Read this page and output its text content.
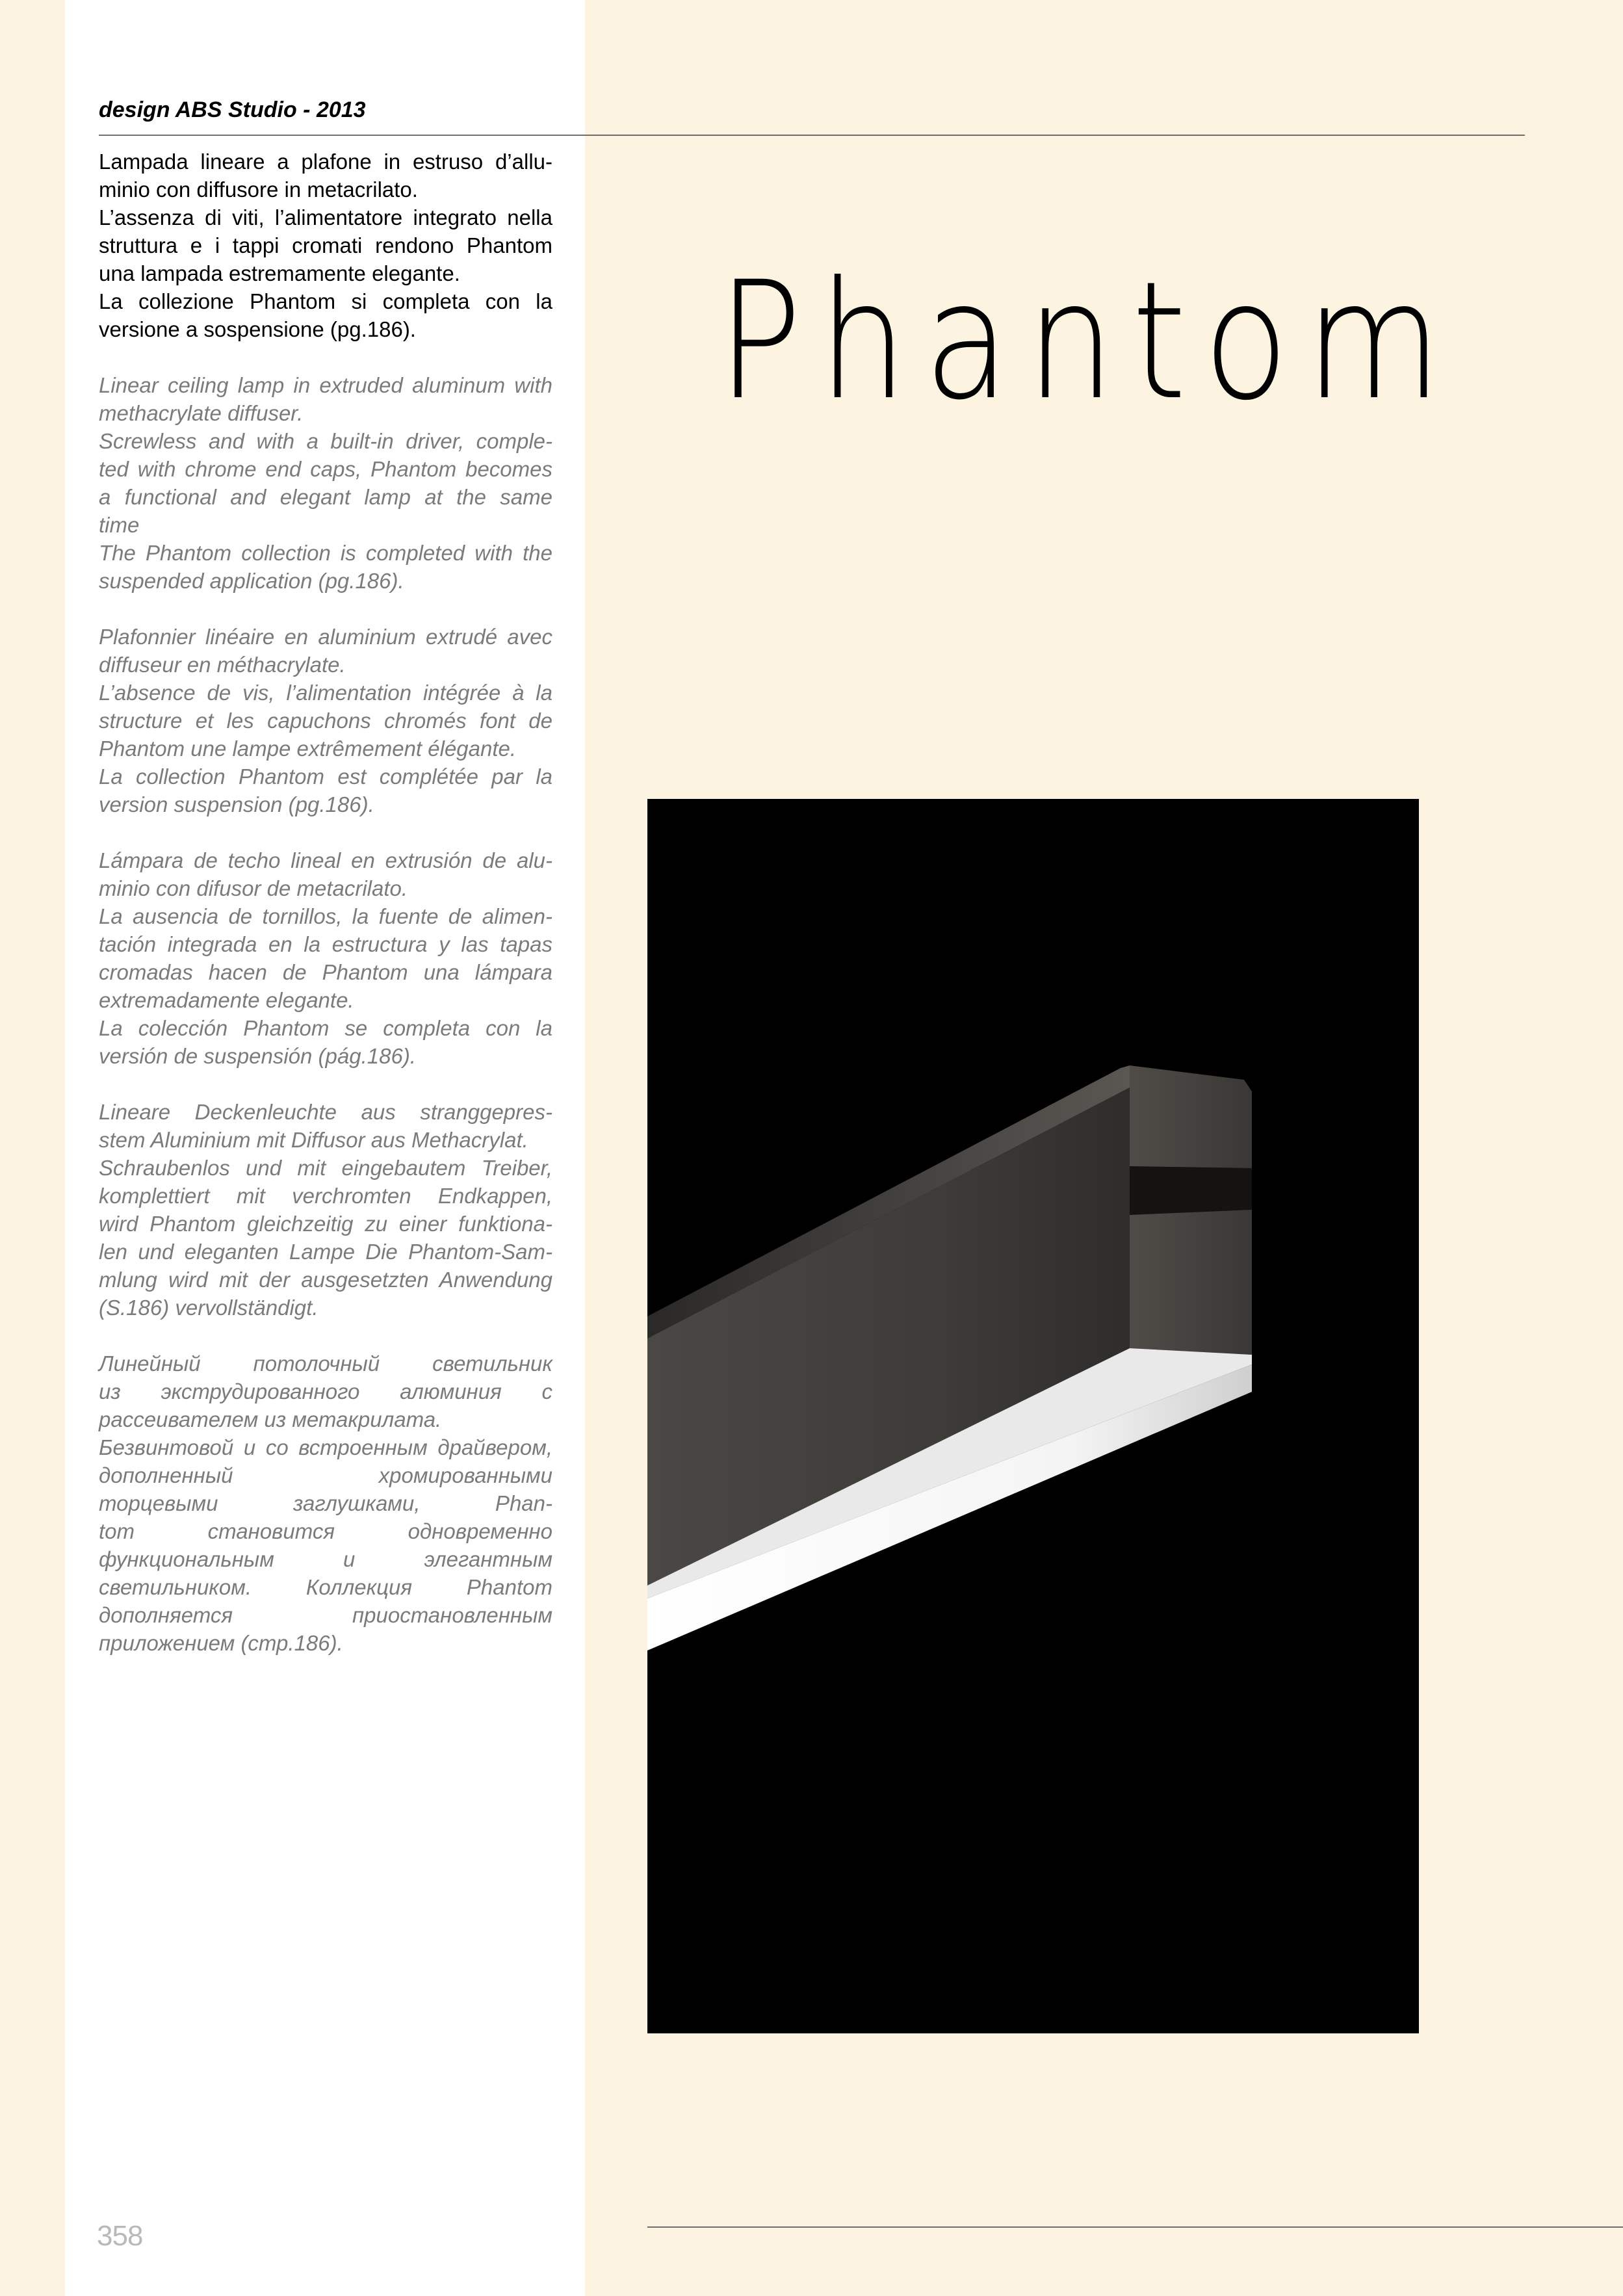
design ABS Studio - 2013
Lampada lineare a plafone in estruso d’allu-
minio con diffusore in metacrilato.
L’assenza di viti, l’alimentatore integrato nella
struttura e i tappi cromati rendono Phantom
una lampada estremamente elegante.
La collezione Phantom si completa con la
versione a sospensione (pg.186).
Linear ceiling lamp in extruded aluminum with
methacrylate diffuser.
Screwless and with a built-in driver, comple-
ted with chrome end caps, Phantom becomes
a functional and elegant lamp at the same
time
The Phantom collection is completed with the
suspended application (pg.186).
Plafonnier linéaire en aluminium extrudé avec
diffuseur en méthacrylate.
L’absence de vis, l’alimentation intégrée à la
structure et les capuchons chromés font de
Phantom une lampe extrêmement élégante.
La collection Phantom est complétée par la
version suspension (pg.186).
Lámpara de techo lineal en extrusión de alu-
minio con difusor de metacrilato.
La ausencia de tornillos, la fuente de alimen-
tación integrada en la estructura y las tapas
cromadas hacen de Phantom una lámpara
extremadamente elegante.
La colección Phantom se completa con la
versión de suspensión (pág.186).
Lineare Deckenleuchte aus stranggepres-
stem Aluminium mit Diffusor aus Methacrylat.
Schraubenlos und mit eingebautem Treiber,
komplettiert mit verchromten Endkappen,
wird Phantom gleichzeitig zu einer funktiona-
len und eleganten Lampe Die Phantom-Sam-
mlung wird mit der ausgesetzten Anwendung
(S.186) vervollständigt.
Линейный потолочный светильник
из экструдированного алюминия с
рассеивателем из метакрилата.
Безвинтовой и со встроенным драйвером,
дополненный хромированными
торцевыми заглушками, Phan-
tom становится одновременно
функциональным и элегантным
светильником. Коллекция Phantom
дополняется приостановленным
приложением (стр.186).
Phantom
358
